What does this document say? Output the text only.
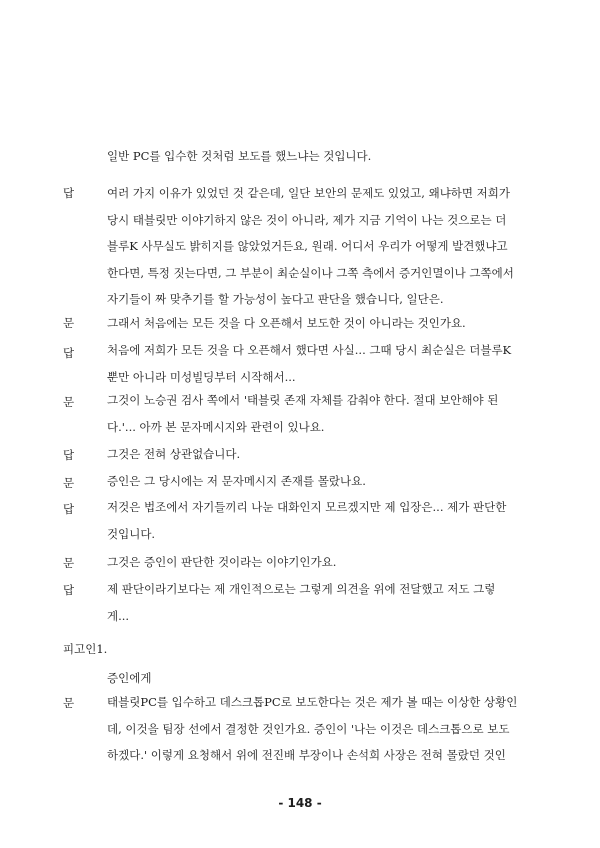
일반 PC를 입수한 것처럼 보도를 했느냐는 것입니다.
답	여러 가지 이유가 있었던 것 같은데, 일단 보안의 문제도 있었고, 왜냐하면 저희가
당시 태블릿만 이야기하지 않은 것이 아니라, 제가 지금 기억이 나는 것으로는 더
블루K 사무실도 밝히지를 않았었거든요, 원래. 어디서 우리가 어떻게 발견했냐고
한다면, 특정 짓는다면, 그 부분이 최순실이나 그쪽 측에서 증거인멸이나 그쪽에서
자기들이 짜 맞추기를 할 가능성이 높다고 판단을 했습니다, 일단은.
문	그래서 처음에는 모든 것을 다 오픈해서 보도한 것이 아니라는 것인가요.
답	처음에 저희가 모든 것을 다 오픈해서 했다면 사실... 그때 당시 최순실은 더블루K
뿐만 아니라 미성빌딩부터 시작해서...
문	그것이 노승권 검사 쪽에서 '태블릿 존재 자체를 감춰야 한다. 절대 보안해야 된
다.'... 아까 본 문자메시지와 관련이 있나요.
답	그것은 전혀 상관없습니다.
문	증인은 그 당시에는 저 문자메시지 존재를 몰랐나요.
답	저것은 법조에서 자기들끼리 나눈 대화인지 모르겠지만 제 입장은... 제가 판단한
것입니다.
문	그것은 증인이 판단한 것이라는 이야기인가요.
답	제 판단이라기보다는 제 개인적으로는 그렇게 의견을 위에 전달했고 저도 그렇
게...
피고인1.
증인에게
문	태블릿PC를 입수하고 데스크톱PC로 보도한다는 것은 제가 볼 때는 이상한 상황인
데, 이것을 팀장 선에서 결정한 것인가요. 증인이 '나는 이것은 데스크톱으로 보도
하겠다.' 이렇게 요청해서 위에 전진배 부장이나 손석희 사장은 전혀 몰랐던 것인
- 148 -
